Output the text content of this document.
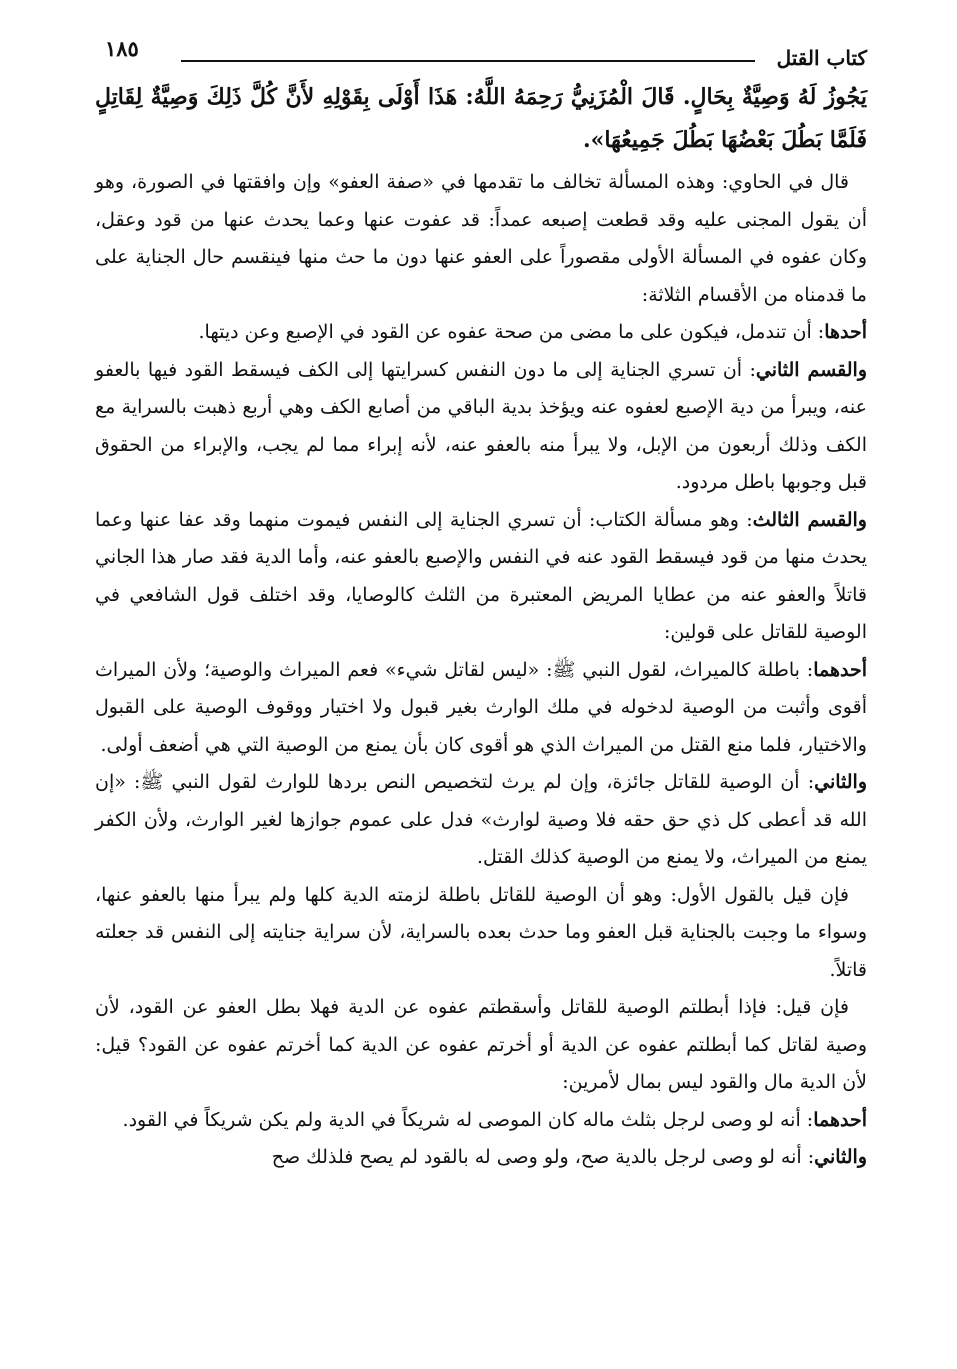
كتاب القتل
١٨٥

يَجُوزُ لَهُ وَصِيَّةٌ بِحَالٍ. قَالَ الْمُزَنِيُّ رَحِمَهُ اللَّهُ: هَذَا أَوْلَى بِقَوْلِهِ لأَنَّ كُلَّ ذَلِكَ وَصِيَّةٌ لِقَاتِلٍ فَلَمَّا بَطُلَ بَعْضُهَا بَطُلَ جَمِيعُهَا».

قال في الحاوي: وهذه المسألة تخالف ما تقدمها في «صفة العفو» وإن وافقتها في الصورة، وهو أن يقول المجنى عليه وقد قطعت إصبعه عمداً: قد عفوت عنها وعما يحدث عنها من قود وعقل، وكان عفوه في المسألة الأولى مقصوراً على العفو عنها دون ما حث منها فينقسم حال الجناية على ما قدمناه من الأقسام الثلاثة:

أحدها: أن تندمل، فيكون على ما مضى من صحة عفوه عن القود في الإصبع وعن ديتها.

والقسم الثاني: أن تسري الجناية إلى ما دون النفس كسرايتها إلى الكف فيسقط القود فيها بالعفو عنه، ويبرأ من دية الإصبع لعفوه عنه ويؤخذ بدية الباقي من أصابع الكف وهي أربع ذهبت بالسراية مع الكف وذلك أربعون من الإبل، ولا يبرأ منه بالعفو عنه، لأنه إبراء مما لم يجب، والإبراء من الحقوق قبل وجوبها باطل مردود.

والقسم الثالث: وهو مسألة الكتاب: أن تسري الجناية إلى النفس فيموت منهما وقد عفا عنها وعما يحدث منها من قود فيسقط القود عنه في النفس والإصبع بالعفو عنه، وأما الدية فقد صار هذا الجاني قاتلاً والعفو عنه من عطايا المريض المعتبرة من الثلث كالوصايا، وقد اختلف قول الشافعي في الوصية للقاتل على قولين:

أحدهما: باطلة كالميراث، لقول النبي ﷺ: «ليس لقاتل شيء» فعم الميراث والوصية؛ ولأن الميراث أقوى وأثبت من الوصية لدخوله في ملك الوارث بغير قبول ولا اختيار ووقوف الوصية على القبول والاختيار، فلما منع القتل من الميراث الذي هو أقوى كان بأن يمنع من الوصية التي هي أضعف أولى.

والثاني: أن الوصية للقاتل جائزة، وإن لم يرث لتخصيص النص بردها للوارث لقول النبي ﷺ: «إن الله قد أعطى كل ذي حق حقه فلا وصية لوارث» فدل على عموم جوازها لغير الوارث، ولأن الكفر يمنع من الميراث، ولا يمنع من الوصية كذلك القتل.

فإن قيل بالقول الأول: وهو أن الوصية للقاتل باطلة لزمته الدية كلها ولم يبرأ منها بالعفو عنها، وسواء ما وجبت بالجناية قبل العفو وما حدث بعده بالسراية، لأن سراية جنايته إلى النفس قد جعلته قاتلاً.

فإن قيل: فإذا أبطلتم الوصية للقاتل وأسقطتم عفوه عن الدية فهلا بطل العفو عن القود، لأن وصية لقاتل كما أبطلتم عفوه عن الدية أو أخرتم عفوه عن الدية كما أخرتم عفوه عن القود؟ قيل: لأن الدية مال والقود ليس بمال لأمرين:

أحدهما: أنه لو وصى لرجل بثلث ماله كان الموصى له شريكاً في الدية ولم يكن شريكاً في القود.

والثاني: أنه لو وصى لرجل بالدية صح، ولو وصى له بالقود لم يصح فلذلك صح
